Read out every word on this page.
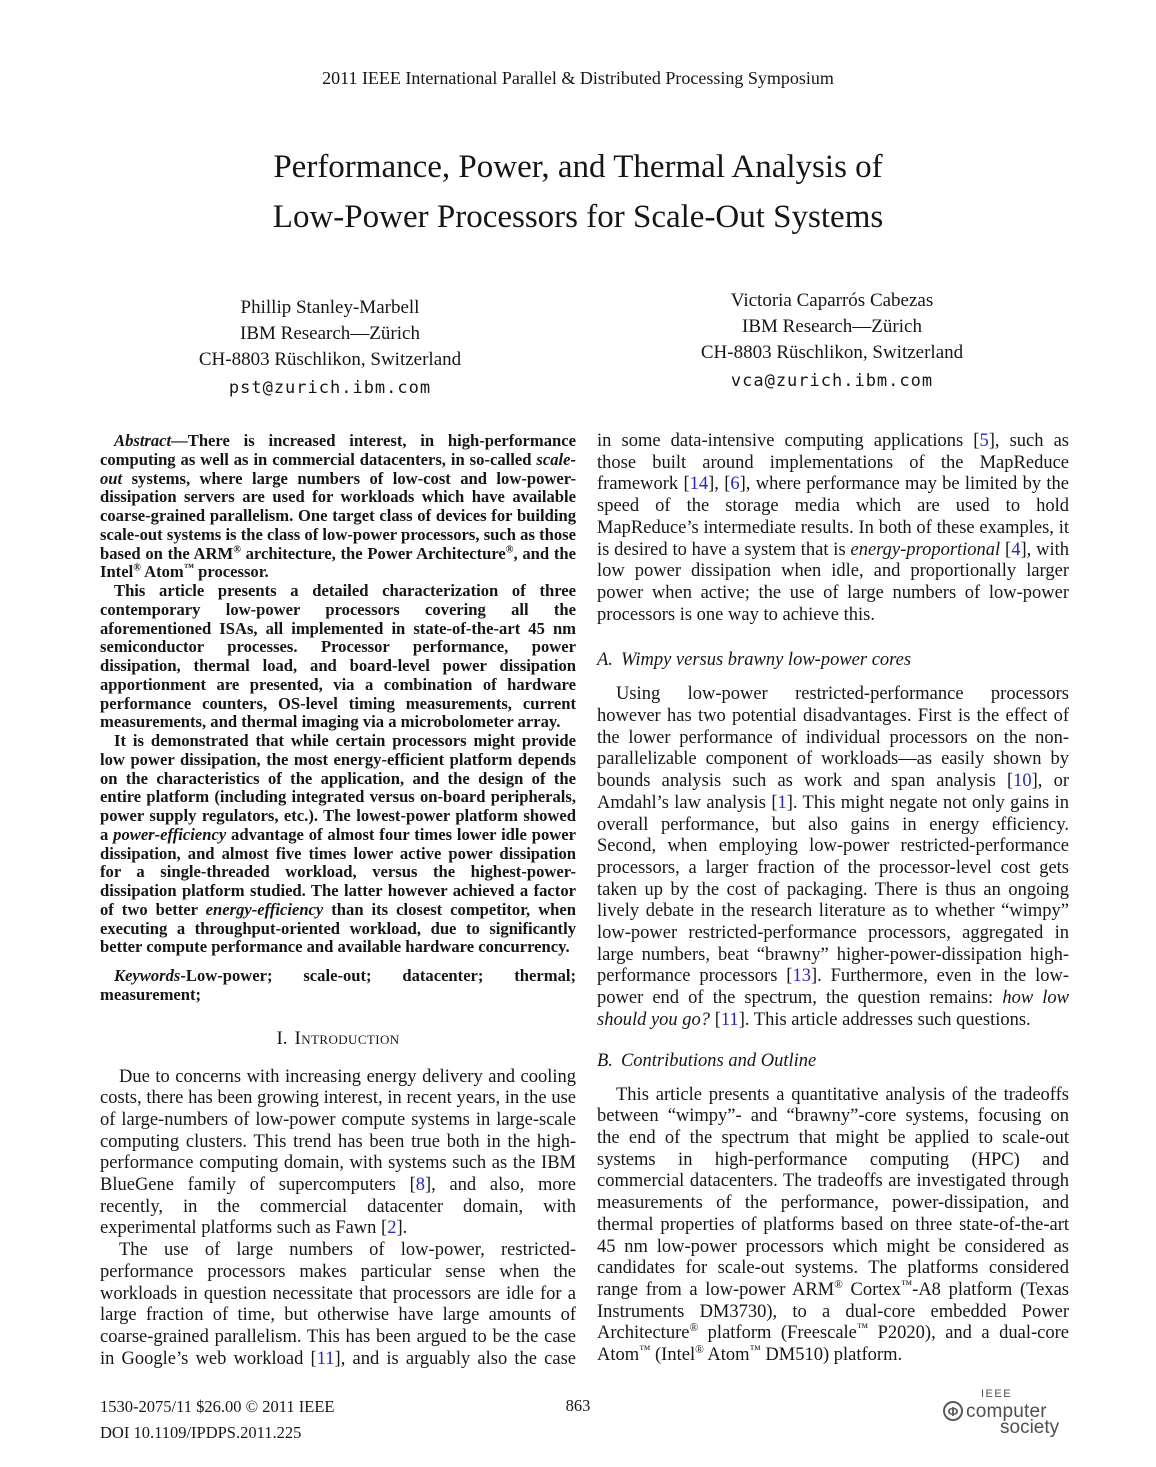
2011 IEEE International Parallel & Distributed Processing Symposium
Performance, Power, and Thermal Analysis of
Low-Power Processors for Scale-Out Systems
Phillip Stanley-Marbell
IBM Research—Zürich
CH-8803 Rüschlikon, Switzerland
pst@zurich.ibm.com
Victoria Caparrós Cabezas
IBM Research—Zürich
CH-8803 Rüschlikon, Switzerland
vca@zurich.ibm.com

Abstract—There is increased interest, in high-performance computing as well as in commercial datacenters, in so-called scale-out systems, where large numbers of low-cost and low-power-dissipation servers are used for workloads which have available coarse-grained parallelism. One target class of devices for building scale-out systems is the class of low-power processors, such as those based on the ARM® architecture, the Power Architecture®, and the Intel® Atom™ processor.

This article presents a detailed characterization of three contemporary low-power processors covering all the aforementioned ISAs, all implemented in state-of-the-art 45 nm semiconductor processes. Processor performance, power dissipation, thermal load, and board-level power dissipation apportionment are presented, via a combination of hardware performance counters, OS-level timing measurements, current measurements, and thermal imaging via a microbolometer array.

It is demonstrated that while certain processors might provide low power dissipation, the most energy-efficient platform depends on the characteristics of the application, and the design of the entire platform (including integrated versus on-board peripherals, power supply regulators, etc.). The lowest-power platform showed a power-efficiency advantage of almost four times lower idle power dissipation, and almost five times lower active power dissipation for a single-threaded workload, versus the highest-power-dissipation platform studied. The latter however achieved a factor of two better energy-efficiency than its closest competitor, when executing a throughput-oriented workload, due to significantly better compute performance and available hardware concurrency.

Keywords-Low-power; scale-out; datacenter; thermal; measurement;

I. Introduction

Due to concerns with increasing energy delivery and cooling costs, there has been growing interest, in recent years, in the use of large-numbers of low-power compute systems in large-scale computing clusters. This trend has been true both in the high-performance computing domain, with systems such as the IBM BlueGene family of supercomputers [8], and also, more recently, in the commercial datacenter domain, with experimental platforms such as Fawn [2].

The use of large numbers of low-power, restricted-performance processors makes particular sense when the workloads in question necessitate that processors are idle for a large fraction of time, but otherwise have large amounts of coarse-grained parallelism. This has been argued to be the case in Google’s web workload [11], and is arguably also the case

in some data-intensive computing applications [5], such as those built around implementations of the MapReduce framework [14], [6], where performance may be limited by the speed of the storage media which are used to hold MapReduce’s intermediate results. In both of these examples, it is desired to have a system that is energy-proportional [4], with low power dissipation when idle, and proportionally larger power when active; the use of large numbers of low-power processors is one way to achieve this.

A. Wimpy versus brawny low-power cores

Using low-power restricted-performance processors however has two potential disadvantages. First is the effect of the lower performance of individual processors on the non-parallelizable component of workloads—as easily shown by bounds analysis such as work and span analysis [10], or Amdahl’s law analysis [1]. This might negate not only gains in overall performance, but also gains in energy efficiency. Second, when employing low-power restricted-performance processors, a larger fraction of the processor-level cost gets taken up by the cost of packaging. There is thus an ongoing lively debate in the research literature as to whether “wimpy” low-power restricted-performance processors, aggregated in large numbers, beat “brawny” higher-power-dissipation high-performance processors [13]. Furthermore, even in the low-power end of the spectrum, the question remains: how low should you go? [11]. This article addresses such questions.

B. Contributions and Outline

This article presents a quantitative analysis of the tradeoffs between “wimpy”- and “brawny”-core systems, focusing on the end of the spectrum that might be applied to scale-out systems in high-performance computing (HPC) and commercial datacenters. The tradeoffs are investigated through measurements of the performance, power-dissipation, and thermal properties of platforms based on three state-of-the-art 45 nm low-power processors which might be considered as candidates for scale-out systems. The platforms considered range from a low-power ARM® Cortex™-A8 platform (Texas Instruments DM3730), to a dual-core embedded Power Architecture® platform (Freescale™ P2020), and a dual-core Atom™ (Intel® Atom™ DM510) platform.

1530-2075/11 $26.00 © 2011 IEEE
DOI 10.1109/IPDPS.2011.225
863
IEEE
Φ computer
society
